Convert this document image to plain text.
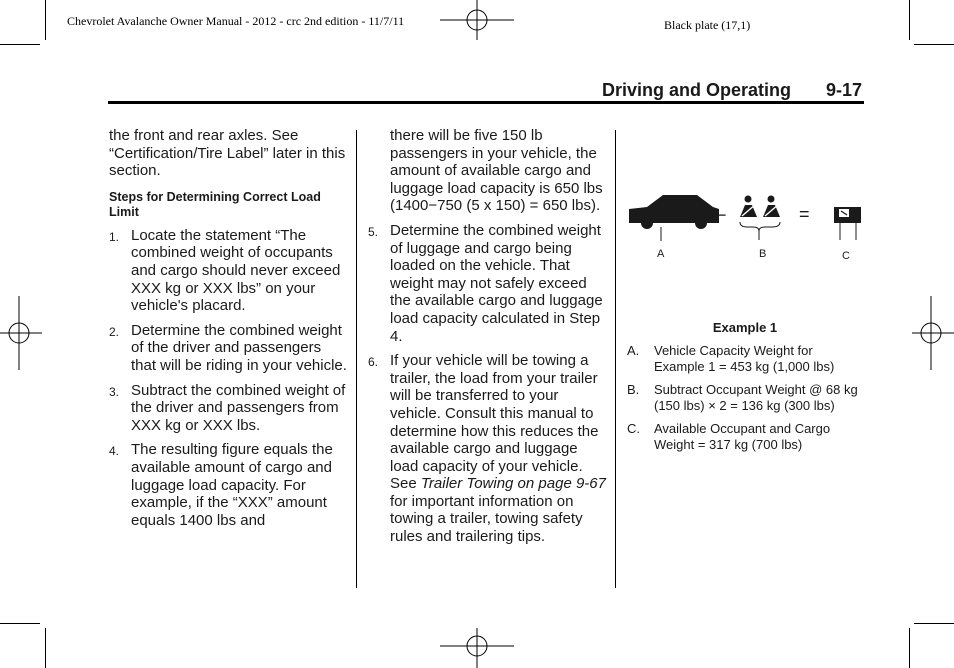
Chevrolet Avalanche Owner Manual - 2012 - crc 2nd edition - 11/7/11	Black plate (17,1)
Driving and Operating 9-17

the front and rear axles. See “Certification/Tire Label” later in this section.

Steps for Determining Correct Load Limit

1. Locate the statement “The combined weight of occupants and cargo should never exceed XXX kg or XXX lbs” on your vehicle's placard.
2. Determine the combined weight of the driver and passengers that will be riding in your vehicle.
3. Subtract the combined weight of the driver and passengers from XXX kg or XXX lbs.
4. The resulting figure equals the available amount of cargo and luggage load capacity. For example, if the “XXX” amount equals 1400 lbs and

there will be five 150 lb passengers in your vehicle, the amount of available cargo and luggage load capacity is 650 lbs (1400−750 (5 x 150) = 650 lbs).

5. Determine the combined weight of luggage and cargo being loaded on the vehicle. That weight may not safely exceed the available cargo and luggage load capacity calculated in Step 4.
6. If your vehicle will be towing a trailer, the load from your trailer will be transferred to your vehicle. Consult this manual to determine how this reduces the available cargo and luggage load capacity of your vehicle. See Trailer Towing on page 9-67 for important information on towing a trailer, towing safety rules and trailering tips.
A
−
B
=
C

Example 1

A.	Vehicle Capacity Weight for Example 1 = 453 kg (1,000 lbs)
B.	Subtract Occupant Weight @ 68 kg (150 lbs) × 2 = 136 kg (300 lbs)
C.	Available Occupant and Cargo Weight = 317 kg (700 lbs)
